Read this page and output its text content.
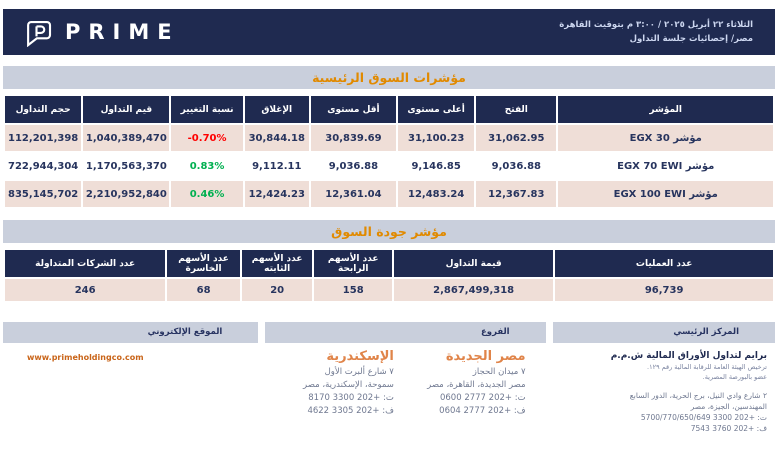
الثلاثاء ٢٢ أبريل ٢٠٢٥ / ٣:٠٠ م بتوقيت القاهرة
مصر/ إحصائيات جلسة التداول
PRIME
مؤشرات السوق الرئيسية
المؤشر	الفتح	أعلى مستوى	أقل مستوى	الإغلاق	نسبة التغيير	قيم التداول	حجم التداول
مؤشر EGX 30	31,062.95	31,100.23	30,839.69	30,844.18	-0.70%	1,040,389,470	112,201,398
مؤشر EGX 70 EWI	9,036.88	9,146.85	9,036.88	9,112.11	0.83%	1,170,563,370	722,944,304
مؤشر EGX 100 EWI	12,367.83	12,483.24	12,361.04	12,424.23	0.46%	2,210,952,840	835,145,702
مؤشر جودة السوق
عدد العمليات	قيمة التداول	عدد الأسهم الرابحة	عدد الأسهم الثابته	عدد الأسهم الخاسرة	عدد الشركات المتداولة
96,739	2,867,499,318	158	20	68	246
المركز الرئيسي
برايم لتداول الأوراق المالية ش.م.م
ترخيص الهيئة العامة للرقابة المالية رقم ١٢٩.
عضو بالبورصة المصرية.
٢ شارع وادي النيل، برج الحرية، الدور السابع
المهندسين، الجيزة، مصر
ت: +202 3300 5700/770/650/649
ف: +202 3760 7543
الفروع
مصر الجديدة
٧ ميدان الحجاز
مصر الجديدة، القاهرة، مصر
ت: +202 2777 0600
ف: +202 2777 0604
الإسكندرية
٧ شارع ألبرت الأول
سموحة، الإسكندرية، مصر
ت: +202 3300 8170
ف: +202 3305 4622
الموقع الإلكتروني
www.primeholdingco.com
